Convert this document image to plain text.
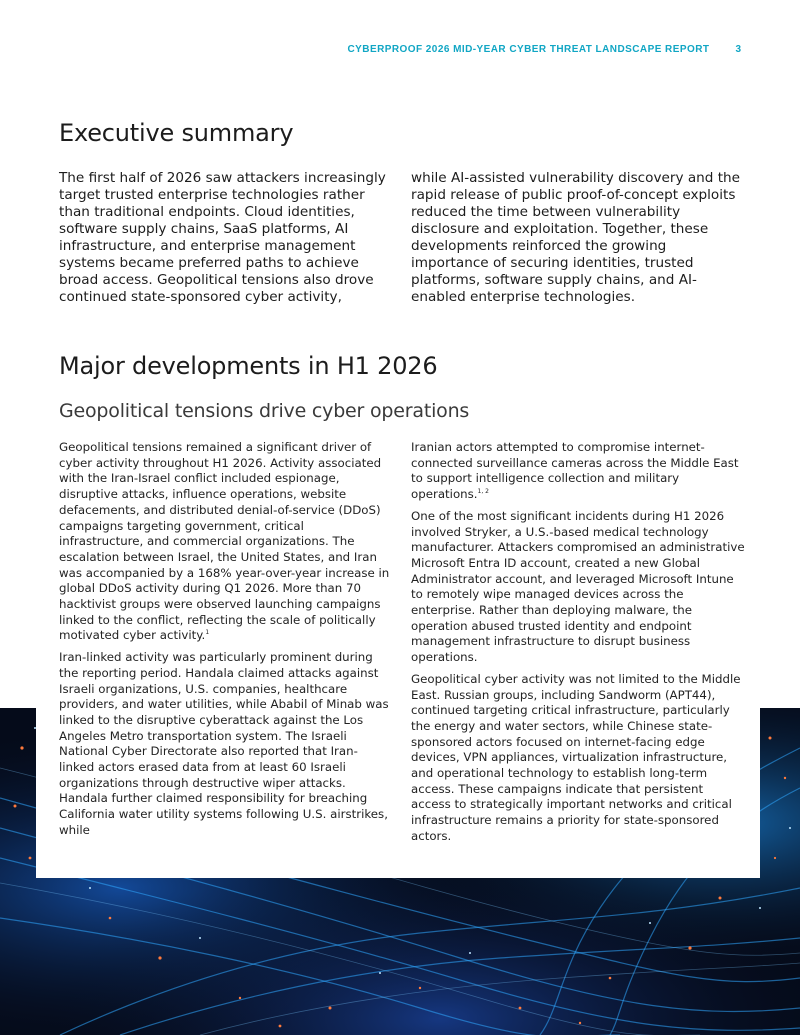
CYBERPROOF 2026 MID-YEAR CYBER THREAT LANDSCAPE REPORT	3
Executive summary

The first half of 2026 saw attackers increasingly target trusted enterprise technologies rather than traditional endpoints. Cloud identities, software supply chains, SaaS platforms, AI infrastructure, and enterprise management systems became preferred paths to achieve broad access. Geopolitical tensions also drove continued state-sponsored cyber activity,

while AI-assisted vulnerability discovery and the rapid release of public proof-of-concept exploits reduced the time between vulnerability disclosure and exploitation. Together, these developments reinforced the growing importance of securing identities, trusted platforms, software supply chains, and AI-enabled enterprise technologies.

Major developments in H1 2026
Geopolitical tensions drive cyber operations

Geopolitical tensions remained a significant driver of cyber activity throughout H1 2026. Activity associated with the Iran-Israel conflict included espionage, disruptive attacks, influence operations, website defacements, and distributed denial-of-service (DDoS) campaigns targeting government, critical infrastructure, and commercial organizations. The escalation between Israel, the United States, and Iran was accompanied by a 168% year-over-year increase in global DDoS activity during Q1 2026. More than 70 hacktivist groups were observed launching campaigns linked to the conflict, reflecting the scale of politically motivated cyber activity.$^1$

Iran-linked activity was particularly prominent during the reporting period. Handala claimed attacks against Israeli organizations, U.S. companies, healthcare providers, and water utilities, while Ababil of Minab was linked to the disruptive cyberattack against the Los Angeles Metro transportation system. The Israeli National Cyber Directorate also reported that Iran-linked actors erased data from at least 60 Israeli organizations through destructive wiper attacks. Handala further claimed responsibility for breaching California water utility systems following U.S. airstrikes, while

Iranian actors attempted to compromise internet-connected surveillance cameras across the Middle East to support intelligence collection and military operations.$^{1, 2}$

One of the most significant incidents during H1 2026 involved Stryker, a U.S.-based medical technology manufacturer. Attackers compromised an administrative Microsoft Entra ID account, created a new Global Administrator account, and leveraged Microsoft Intune to remotely wipe managed devices across the enterprise. Rather than deploying malware, the operation abused trusted identity and endpoint management infrastructure to disrupt business operations.

Geopolitical cyber activity was not limited to the Middle East. Russian groups, including Sandworm (APT44), continued targeting critical infrastructure, particularly the energy and water sectors, while Chinese state-sponsored actors focused on internet-facing edge devices, VPN appliances, virtualization infrastructure, and operational technology to establish long-term access. These campaigns indicate that persistent access to strategically important networks and critical infrastructure remains a priority for state-sponsored actors.
